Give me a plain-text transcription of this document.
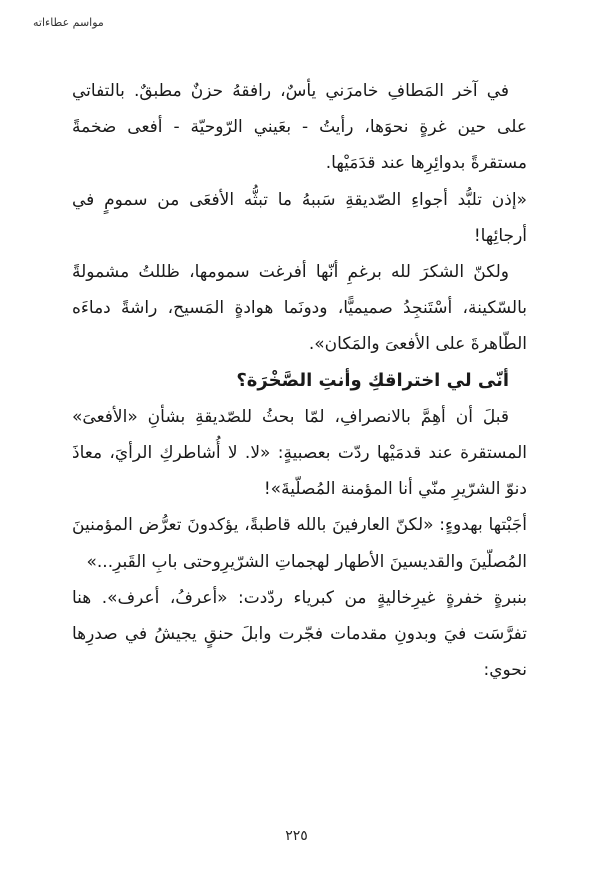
مواسم عطاءاته

في آخر المَطافِ خامرَني يأسٌ، رافقهُ حزنٌ مطبقٌ. بالتفاتي على حين غرةٍ نحوَها، رأيتُ - بعَيني الرّوحيّة - أفعى ضخمةً مستقرةً بدوائِرِها عند قدَمَيْها.

«إذن تلبُّد أجواءِ الصّديقةِ سَببهُ ما تبثُّه الأفعَى من سمومٍ في أرجائِها!

ولكنّ الشكرَ لله برغمِ أنّها أفرغت سمومها، ظللتُ مشمولةً بالسّكينة، أسْتَنجِدُ صميميًّا، ودونَما هوادةٍ المَسيح، راشةً دماءَه الطّاهرةَ على الأفعىَ والمَكان».

أنّى لي اختراقكِ وأنتِ الصَّخْرَة؟

قبلَ أن أهِمَّ بالانصرافِ، لمّا بحثُ للصّديقةِ بشأنِ «الأفعىَ» المستقرة عند قدمَيْها ردّت بعصبيةٍ: «لا. لا أُشاطركِ الرأيَ، معاذَ دنوّ الشرّيرِ منّي أنا المؤمنة المُصلّيةَ»!

أجَبْتها بهدوءٍ: «لكنّ العارفينَ بالله قاطبةً، يؤكدونَ تعرُّض المؤمنينَ المُصلّينَ والقديسينَ الأطهار لهجماتِ الشرّيرِوحتى بابِ القَبرِ...»

بنبرةٍ خفرةٍ غيرِخاليةٍ من كبرياء ردّدت: «أعرفُ، أعرف». هنا تفرَّسَت فيَ وبدونِ مقدمات فجّرت وابلَ حنقٍ يجيشُ في صدرِها نحوي:

٢٢٥
